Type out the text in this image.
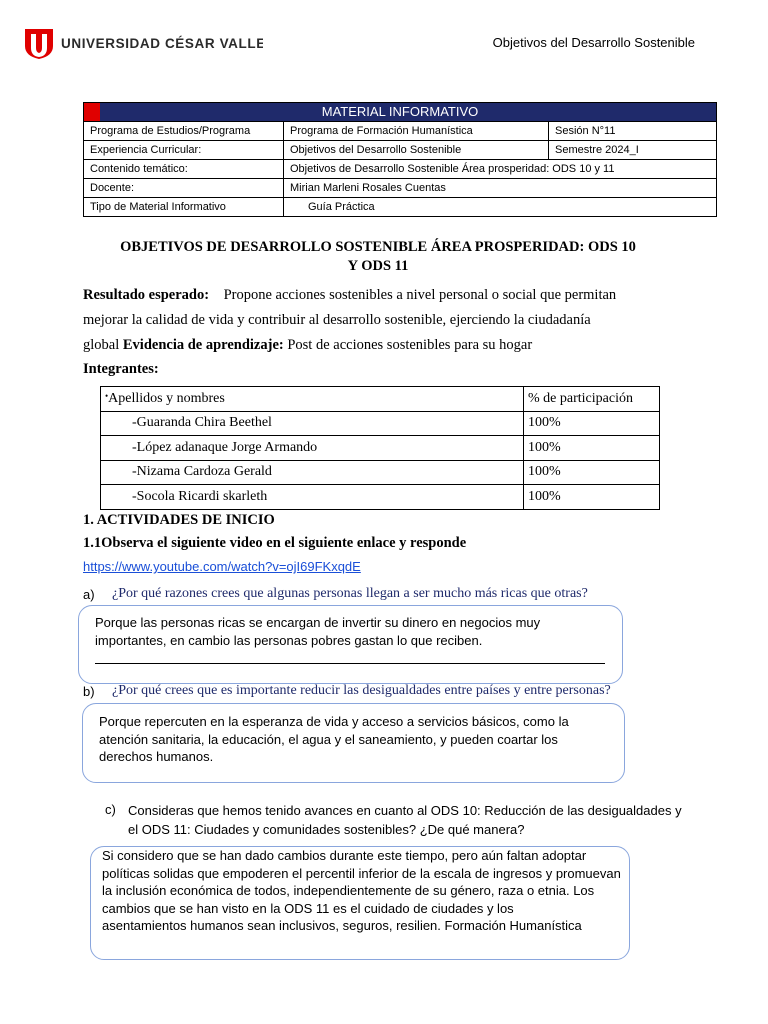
UNIVERSIDAD CÉSAR VALLEJO	Objetivos del Desarrollo Sostenible
MATERIAL INFORMATIVO		
Programa de Estudios/Programa	Programa de Formación Humanística	Sesión N°11
Experiencia Curricular:	Objetivos del Desarrollo Sostenible	Semestre 2024_I
Contenido temático:	Objetivos de Desarrollo Sostenible Área prosperidad: ODS 10 y 11	
Docente:	Mirian Marleni Rosales Cuentas	
Tipo de Material Informativo	Guía Práctica	
OBJETIVOS DE DESARROLLO SOSTENIBLE ÁREA PROSPERIDAD: ODS 10
Y ODS 11
Resultado esperado: Propone acciones sostenibles a nivel personal o social que permitan
mejorar la calidad de vida y contribuir al desarrollo sostenible, ejerciendo la ciudadanía
global Evidencia de aprendizaje: Post de acciones sostenibles para su hogar
Integrantes:
•Apellidos y nombres	% de participación
-Guaranda Chira Beethel	100%
-López adanaque Jorge Armando	100%
-Nizama Cardoza Gerald	100%
-Socola Ricardi skarleth	100%
1. ACTIVIDADES DE INICIO
1.1Observa el siguiente video en el siguiente enlace y responde
https://www.youtube.com/watch?v=ojI69FKxqdE
a) ¿Por qué razones crees que algunas personas llegan a ser mucho más ricas que otras?
Porque las personas ricas se encargan de invertir su dinero en negocios muy
importantes, en cambio las personas pobres gastan lo que reciben.
b) ¿Por qué crees que es importante reducir las desigualdades entre países y entre personas?
Porque repercuten en la esperanza de vida y acceso a servicios básicos, como la
atención sanitaria, la educación, el agua y el saneamiento, y pueden coartar los
derechos humanos.
c) Consideras que hemos tenido avances en cuanto al ODS 10: Reducción de las desigualdades y
el ODS 11: Ciudades y comunidades sostenibles? ¿De qué manera?
Si considero que se han dado cambios durante este tiempo, pero aún faltan adoptar
políticas solidas que empoderen el percentil inferior de la escala de ingresos y promuevan
la inclusión económica de todos, independientemente de su género, raza o etnia. Los
cambios que se han visto en la ODS 11 es el cuidado de ciudades y los
asentamientos humanos sean inclusivos, seguros, resilien. Formación Humanística
